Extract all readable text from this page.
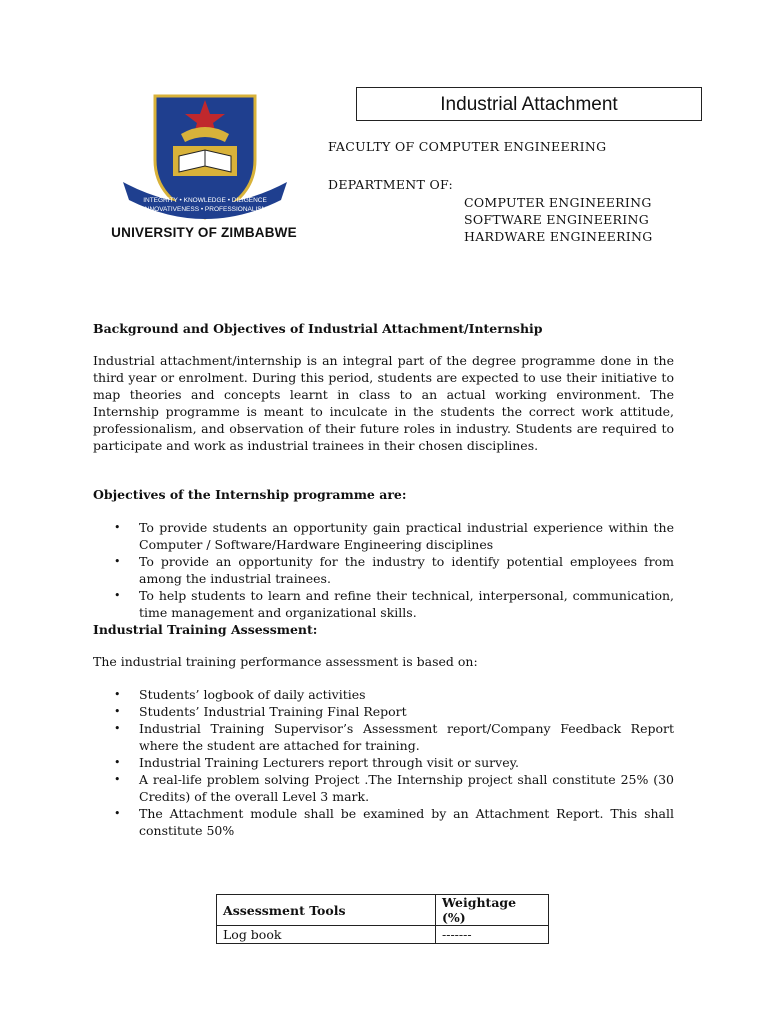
INTEGRITY • KNOWLEDGE • DILIGENCE
INNOVATIVENESS • PROFESSIONALISM
UNIVERSITY OF ZIMBABWE
Industrial Attachment
FACULTY OF COMPUTER ENGINEERING
DEPARTMENT OF:
COMPUTER ENGINEERING
SOFTWARE ENGINEERING
HARDWARE ENGINEERING

Background and Objectives of Industrial Attachment/Internship

Industrial attachment/internship is an integral part of the degree programme done in the third year or enrolment. During this period, students are expected to use their initiative to map theories and concepts learnt in class to an actual working environment. The Internship programme is meant to inculcate in the students the correct work attitude, professionalism, and observation of their future roles in industry. Students are required to participate and work as industrial trainees in their chosen disciplines.

Objectives of the Internship programme are:

• To provide students an opportunity gain practical industrial experience within the Computer / Software/Hardware Engineering disciplines
• To provide an opportunity for the industry to identify potential employees from among the industrial trainees.
• To help students to learn and refine their technical, interpersonal, communication, time management and organizational skills.

Industrial Training Assessment:

The industrial training performance assessment is based on:

• Students’ logbook of daily activities
• Students’ Industrial Training Final Report
• Industrial Training Supervisor’s Assessment report/Company Feedback Report where the student are attached for training.
• Industrial Training Lecturers report through visit or survey.
• A real-life problem solving Project .The Internship project shall constitute 25% (30 Credits) of the overall Level 3 mark.
• The Attachment module shall be examined by an Attachment Report. This shall constitute 50%
Assessment Tools	Weightage (%)
Log book	-------
